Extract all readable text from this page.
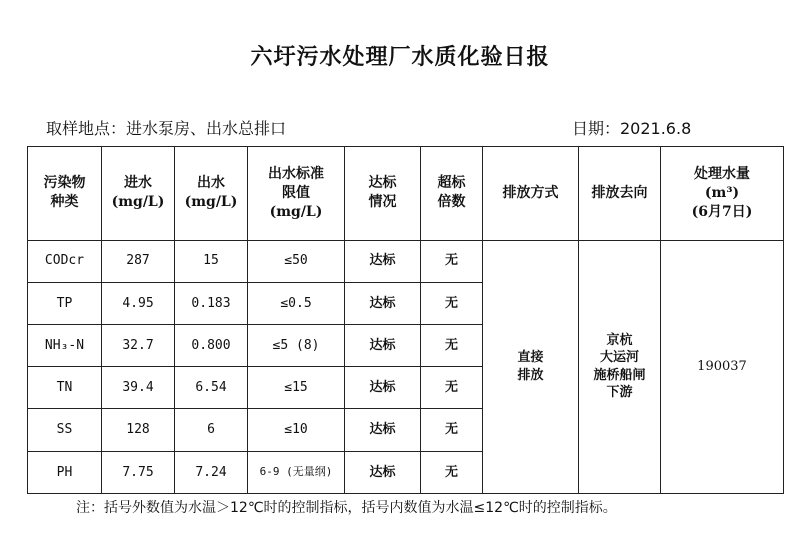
六圩污水处理厂水质化验日报
取样地点：进水泵房、出水总排口	日期：2021.6.8
污染物
种类	进水
(mg/L)	出水
(mg/L)	出水标准
限值
(mg/L)	达标
情况	超标
倍数	排放方式	排放去向	处理水量
(m³)
(6月7日)

CODcr	287	15	≤50	达标	无	直接
排放	京杭
大运河
施桥船闸
下游	190037
TP	4.95	0.183	≤0.5	达标	无			
NH₃-N	32.7	0.800	≤5 (8)	达标	无			
TN	39.4	6.54	≤15	达标	无			
SS	128	6	≤10	达标	无			
PH	7.75	7.24	6-9 (无量纲)	达标	无			
注：括号外数值为水温＞12℃时的控制指标，括号内数值为水温≤12℃时的控制指标。
